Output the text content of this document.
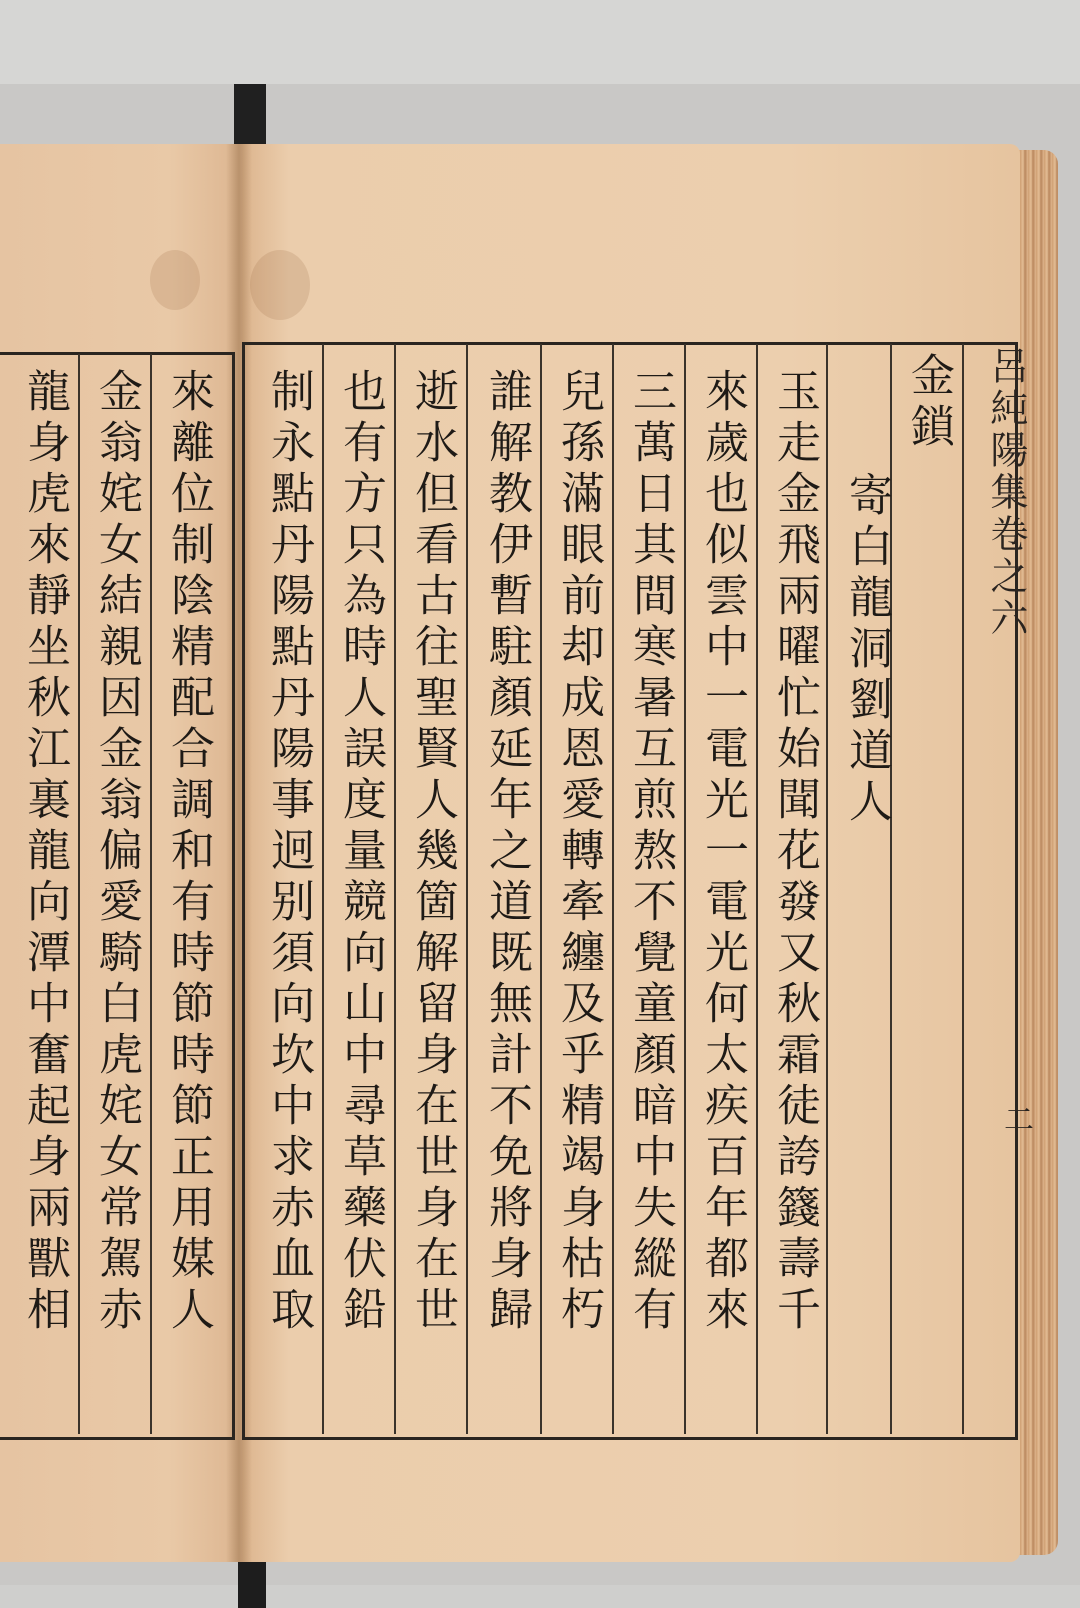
呂純陽集卷之六
二
金鎖
寄白龍洞劉道人
玉走金飛兩曜忙始聞花發又秋霜徒誇籛壽千
來歲也似雲中一電光一電光何太疾百年都來
三萬日其間寒暑互煎熬不覺童顏暗中失縱有
兒孫滿眼前却成恩愛轉牽纏及乎精竭身枯朽
誰解教伊暫駐顏延年之道既無計不免將身歸
逝水但看古往聖賢人幾箇解留身在世身在世
也有方只為時人誤度量競向山中尋草藥伏鉛
制永點丹陽點丹陽事迥别須向坎中求赤血取
來離位制陰精配合調和有時節時節正用媒人
金翁姹女結親因金翁偏愛騎白虎姹女常駕赤
龍身虎來靜坐秋江裏龍向潭中奮起身兩獸相
